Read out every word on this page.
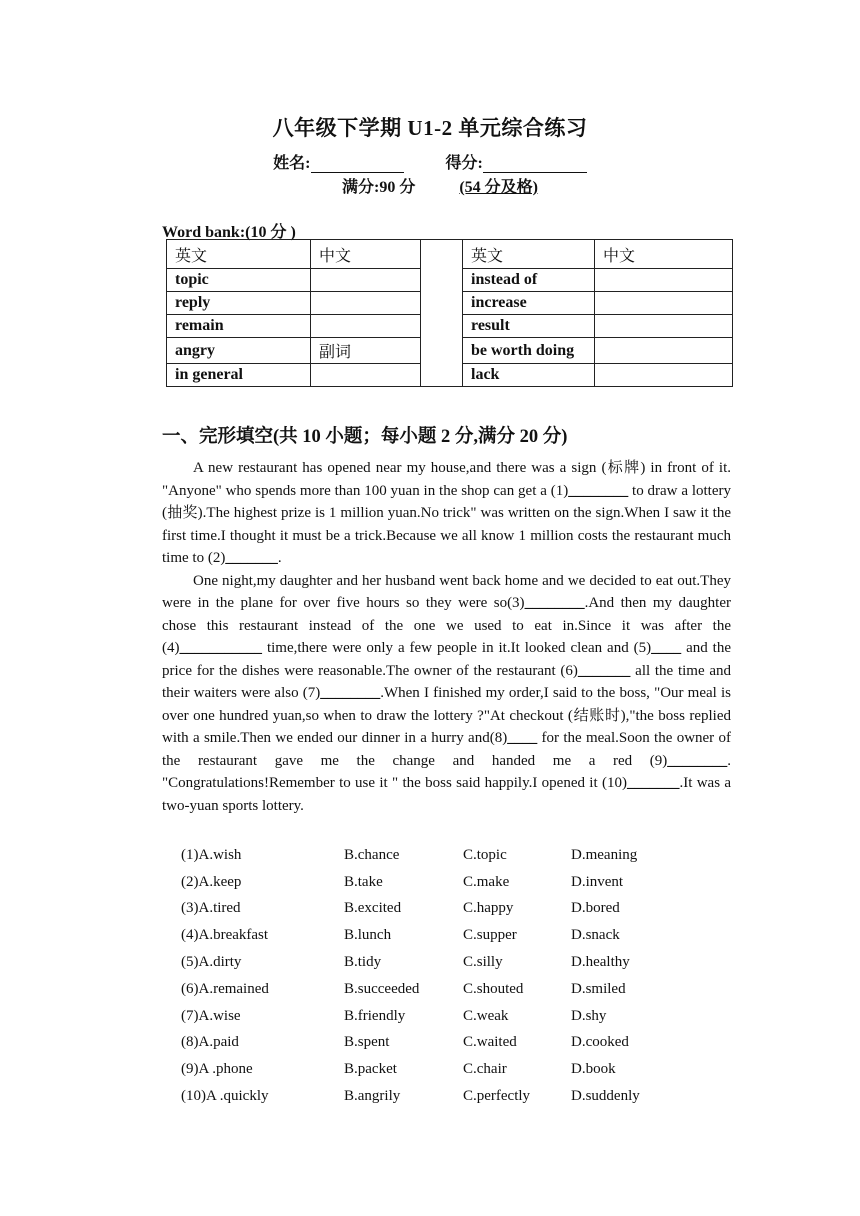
八年级下学期 U1-2 单元综合练习
姓名:	得分:
满分:90 分	(54 分及格)
Word bank:(10 分 )
英文	中文		英文	中文
topic			instead of	
reply			increase	
remain			result	
angry	副词		be worth doing	
in general			lack	
一、完形填空(共 10 小题；每小题 2 分,满分 20 分)

A new restaurant has opened near my house,and there was a sign (标牌) in front of it. "Anyone" who spends more than 100 yuan in the shop can get a (1)________ to draw a lottery (抽奖).The highest prize is 1 million yuan.No trick" was written on the sign.When I saw it the first time.I thought it must be a trick.Because we all know 1 million costs the restaurant much time to (2)_______.

One night,my daughter and her husband went back home and we decided to eat out.They were in the plane for over five hours so they were so(3)________.And then my daughter chose this restaurant instead of the one we used to eat in.Since it was after the (4)___________ time,there were only a few people in it.It looked clean and (5)____ and the price for the dishes were reasonable.The owner of the restaurant (6)_______ all the time and their waiters were also (7)________.When I finished my order,I said to the boss, "Our meal is over one hundred yuan,so when to draw the lottery ?"At checkout (结账时),"the boss replied with a smile.Then we ended our dinner in a hurry and(8)____ for the meal.Soon the owner of the restaurant gave me the change and handed me a red (9)________. "Congratulations!Remember to use it " the boss said happily.I opened it (10)_______.It was a two-yuan sports lottery.

(1)A.wish	B.chance	C.topic	D.meaning
(2)A.keep	B.take	C.make	D.invent
(3)A.tired	B.excited	C.happy	D.bored
(4)A.breakfast	B.lunch	C.supper	D.snack
(5)A.dirty	B.tidy	C.silly	D.healthy
(6)A.remained	B.succeeded	C.shouted	D.smiled
(7)A.wise	B.friendly	C.weak	D.shy
(8)A.paid	B.spent	C.waited	D.cooked
(9)A .phone	B.packet	C.chair	D.book
(10)A .quickly	B.angrily	C.perfectly	D.suddenly
